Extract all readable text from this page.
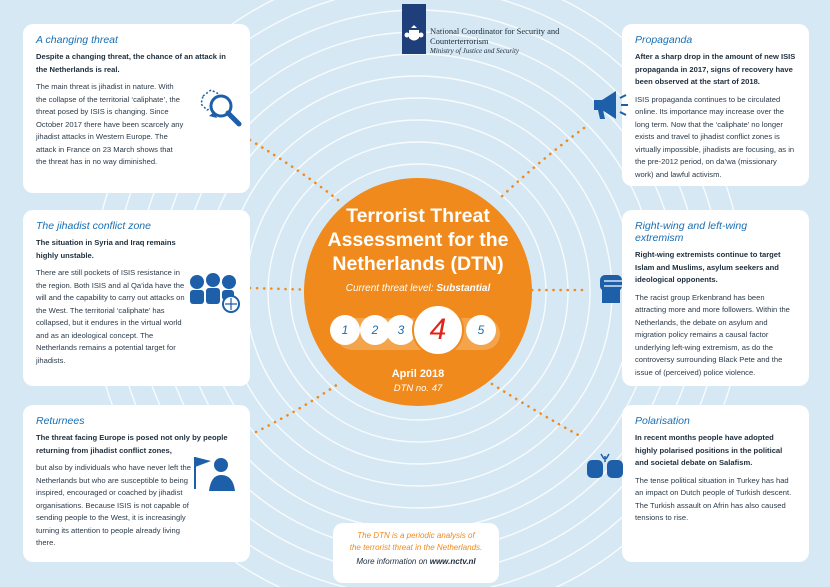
National Coordinator for Security and
Counterterrorism
Ministry of Justice and Security
A changing threat
Despite a changing threat, the chance of an attack in the Netherlands is real.
The main threat is jihadist in nature. With the collapse of the territorial ‘caliphate’, the threat posed by ISIS is changing. Since October 2017 there have been scarcely any jihadist attacks in Western Europe. The attack in France on 23 March shows that the threat has in no way diminished.
The jihadist conflict zone
The situation in Syria and Iraq remains highly unstable.
There are still pockets of ISIS resistance in the region. Both ISIS and al Qa’ida have the will and the capability to carry out attacks on the West. The territorial ‘caliphate’ has collapsed, but it endures in the virtual world and as an ideological concept. The Netherlands remains a potential target for jihadists.
Returnees
The threat facing Europe is posed not only by people returning from jihadist conflict zones,
but also by individuals who have never left the Netherlands but who are susceptible to being inspired, encouraged or coached by jihadist organisations. Because ISIS is not capable of sending people to the West, it is increasingly turning its attention to people already living there.
Propaganda
After a sharp drop in the amount of new ISIS propaganda in 2017, signs of recovery have been observed at the start of 2018.
ISIS propaganda continues to be circulated online. Its importance may increase over the long term. Now that the ‘caliphate’ no longer exists and travel to jihadist conflict zones is virtually impossible, jihadists are focusing, as in the pre-2012 period, on da’wa (missionary work) and lawful activism.
Right-wing and left-wing extremism
Right-wing extremists continue to target Islam and Muslims, asylum seekers and ideological opponents.
The racist group Erkenbrand has been attracting more and more followers. Within the Netherlands, the debate on asylum and migration policy remains a causal factor underlying left-wing extremism, as do the controversy surrounding Black Pete and the issue of (perceived) police violence.
Polarisation
In recent months people have adopted highly polarised positions in the political and societal debate on Salafism.
The tense political situation in Turkey has had an impact on Dutch people of Turkish descent. The Turkish assault on Afrin has also caused tensions to rise.
Terrorist Threat
Assessment for the
Netherlands (DTN)
Current threat level: Substantial
1	2	3 4	5
April 2018
DTN no. 47
The DTN is a periodic analysis of
the terrorist threat in the Netherlands.
More information on www.nctv.nl
